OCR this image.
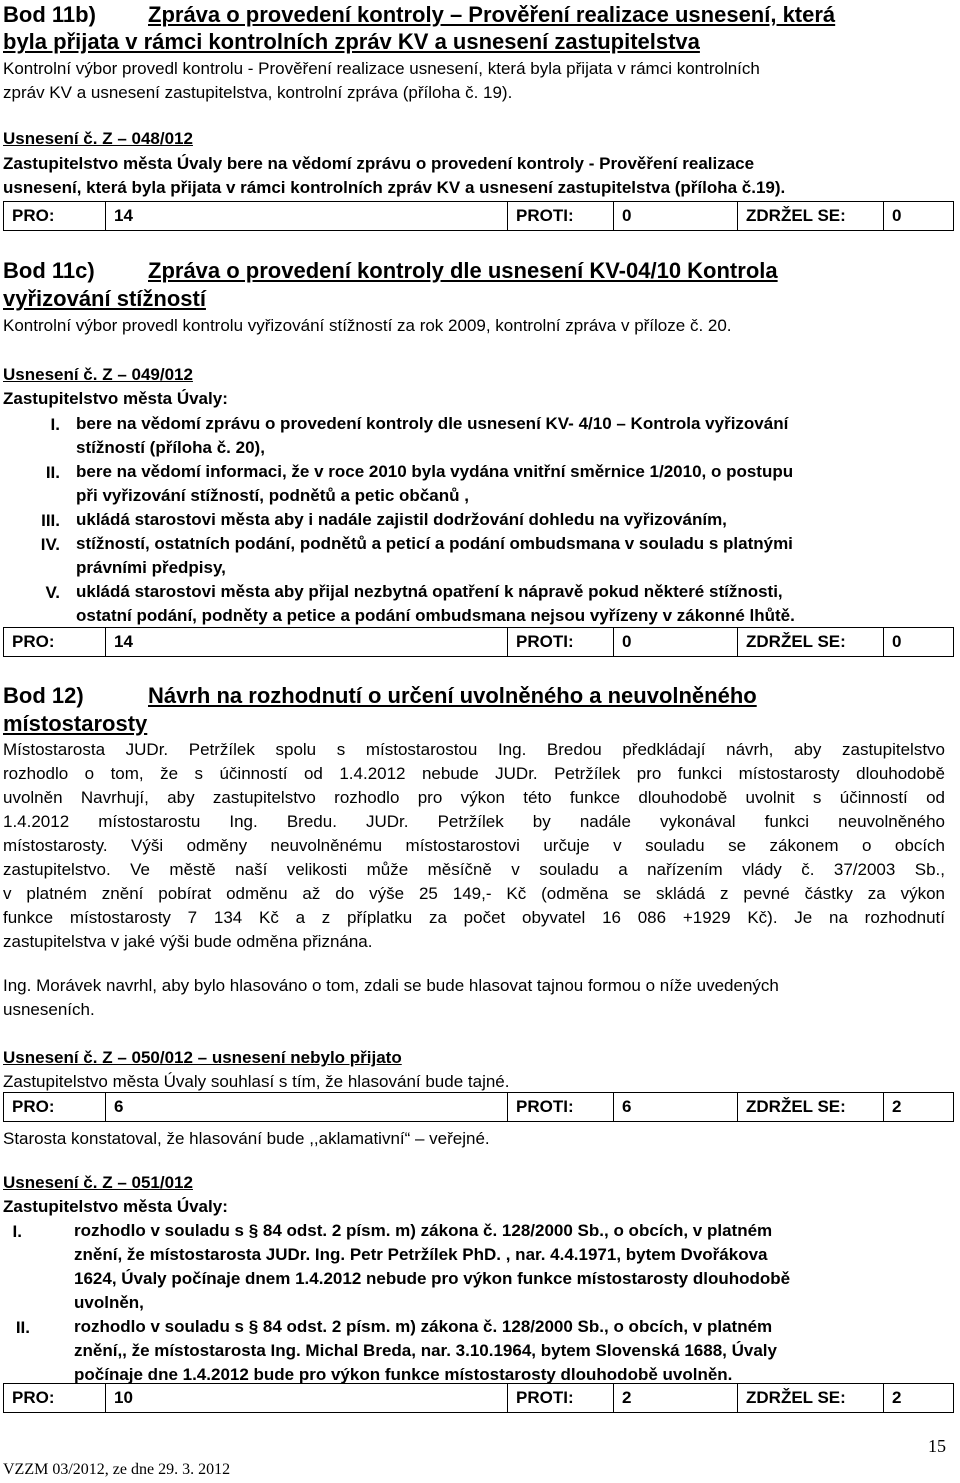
Bod 11b) Zpráva o provedení kontroly – Prověření realizace usnesení, která
byla přijata v rámci kontrolních zpráv KV a usnesení zastupitelstva
Kontrolní výbor provedl kontrolu - Prověření realizace usnesení, která byla přijata v rámci kontrolních
zpráv KV a usnesení zastupitelstva, kontrolní zpráva (příloha č. 19).
Usnesení č. Z – 048/012
Zastupitelstvo města Úvaly bere na vědomí zprávu o provedení kontroly - Prověření realizace
usnesení, která byla přijata v rámci kontrolních zpráv KV a usnesení zastupitelstva (příloha č.19).
PRO:	14	PROTI:	0	ZDRŽEL SE:	0
Bod 11c) Zpráva o provedení kontroly dle usnesení KV-04/10 Kontrola
vyřizování stížností
Kontrolní výbor provedl kontrolu vyřizování stížností za rok 2009, kontrolní zpráva v příloze č. 20.
Usnesení č. Z – 049/012
Zastupitelstvo města Úvaly:
I. bere na vědomí zprávu o provedení kontroly dle usnesení KV- 4/10 – Kontrola vyřizování
stížností (příloha č. 20),
II. bere na vědomí informaci, že v roce 2010 byla vydána vnitřní směrnice 1/2010, o postupu
při vyřizování stížností, podnětů a petic občanů ,
III. ukládá starostovi města aby i nadále zajistil dodržování dohledu na vyřizováním,
IV. stížností, ostatních podání, podnětů a peticí a podání ombudsmana v souladu s platnými
právními předpisy,
V. ukládá starostovi města aby přijal nezbytná opatření k nápravě pokud některé stížnosti,
ostatní podání, podněty a petice a podání ombudsmana nejsou vyřízeny v zákonné lhůtě.
PRO:	14	PROTI:	0	ZDRŽEL SE:	0
Bod 12)	Návrh na rozhodnutí o určení uvolněného a neuvolněného
místostarosty
Místostarosta JUDr. Petržílek spolu s místostarostou Ing. Bredou předkládají návrh, aby zastupitelstvo
rozhodlo o tom, že s účinností od 1.4.2012 nebude JUDr. Petržílek pro funkci místostarosty dlouhodobě
uvolněn Navrhují, aby zastupitelstvo rozhodlo pro výkon této funkce dlouhodobě uvolnit s účinností od
1.4.2012 místostarostu Ing. Bredu. JUDr. Petržílek by nadále vykonával funkci neuvolněného
místostarosty. Výši odměny neuvolněnému místostarostovi určuje v souladu se zákonem o obcích
zastupitelstvo. Ve městě naší velikosti může měsíčně v souladu a nařízením vlády č. 37/2003 Sb.,
v platném znění pobírat odměnu až do výše 25 149,- Kč (odměna se skládá z pevné částky za výkon
funkce místostarosty 7 134 Kč a z příplatku za počet obyvatel 16 086 +1929 Kč). Je na rozhodnutí
zastupitelstva v jaké výši bude odměna přiznána.
Ing. Morávek navrhl, aby bylo hlasováno o tom, zdali se bude hlasovat tajnou formou o níže uvedených
usneseních.
Usnesení č. Z – 050/012 – usnesení nebylo přijato
Zastupitelstvo města Úvaly souhlasí s tím, že hlasování bude tajné.
PRO:	6	PROTI:	6	ZDRŽEL SE:	2
Starosta konstatoval, že hlasování bude ,,aklamativní“ – veřejné.
Usnesení č. Z – 051/012
Zastupitelstvo města Úvaly:
I.	rozhodlo v souladu s § 84 odst. 2 písm. m) zákona č. 128/2000 Sb., o obcích, v platném
znění, že místostarosta JUDr. Ing. Petr Petržílek PhD. , nar. 4.4.1971, bytem Dvořákova
1624, Úvaly počínaje dnem 1.4.2012 nebude pro výkon funkce místostarosty dlouhodobě
uvolněn,
II.	rozhodlo v souladu s § 84 odst. 2 písm. m) zákona č. 128/2000 Sb., o obcích, v platném
znění,, že místostarosta Ing. Michal Breda, nar. 3.10.1964, bytem Slovenská 1688, Úvaly
počínaje dne 1.4.2012 bude pro výkon funkce místostarosty dlouhodobě uvolněn.
PRO:	10	PROTI:	2	ZDRŽEL SE:	2
15
VZZM 03/2012, ze dne 29. 3. 2012
